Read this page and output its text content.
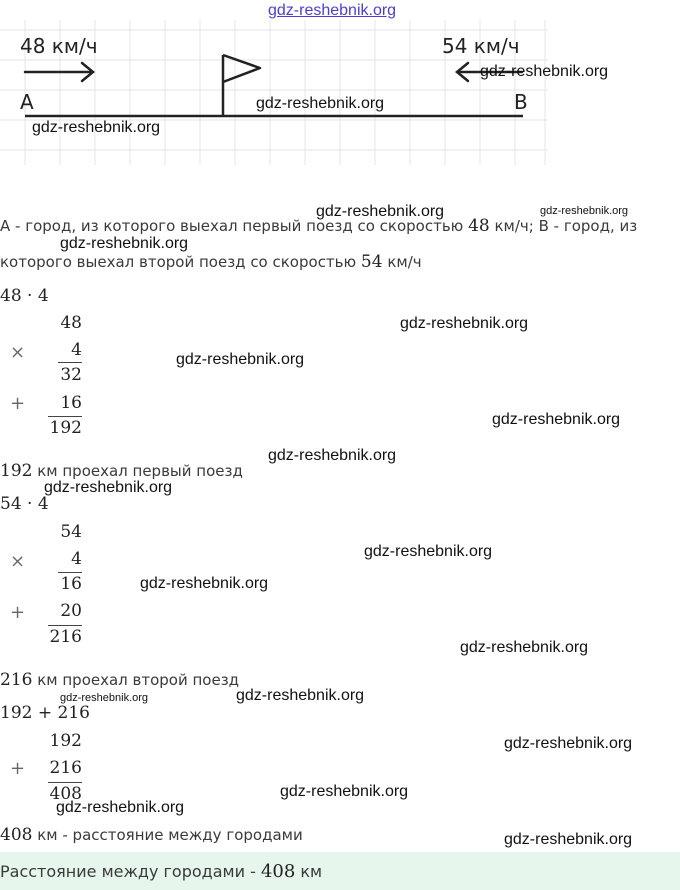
gdz-reshebnik.org
48 км/ч	54 км/ч
A	B
А - город, из которого выехал первый поезд со скоростью 48 км/ч; В - город, из
которого выехал второй поезд со скоростью 54 км/ч
48 · 4
48
×	4
32
+	16
192
192 км проехал первый поезд
54 · 4
54
×	4
16
+	20
216
216 км проехал второй поезд
192 + 216
192
+	216
408
408 км - расстояние между городами
Расстояние между городами - 408 км
gdz-reshebnik.org
gdz-reshebnik.org
gdz-reshebnik.org
gdz-reshebnik.org	gdz-reshebnik.org
gdz-reshebnik.org
gdz-reshebnik.org
gdz-reshebnik.org
gdz-reshebnik.org
gdz-reshebnik.org
gdz-reshebnik.org
gdz-reshebnik.org
gdz-reshebnik.org
gdz-reshebnik.org
gdz-reshebnik.org	gdz-reshebnik.org
gdz-reshebnik.org
gdz-reshebnik.org
gdz-reshebnik.org
gdz-reshebnik.org
